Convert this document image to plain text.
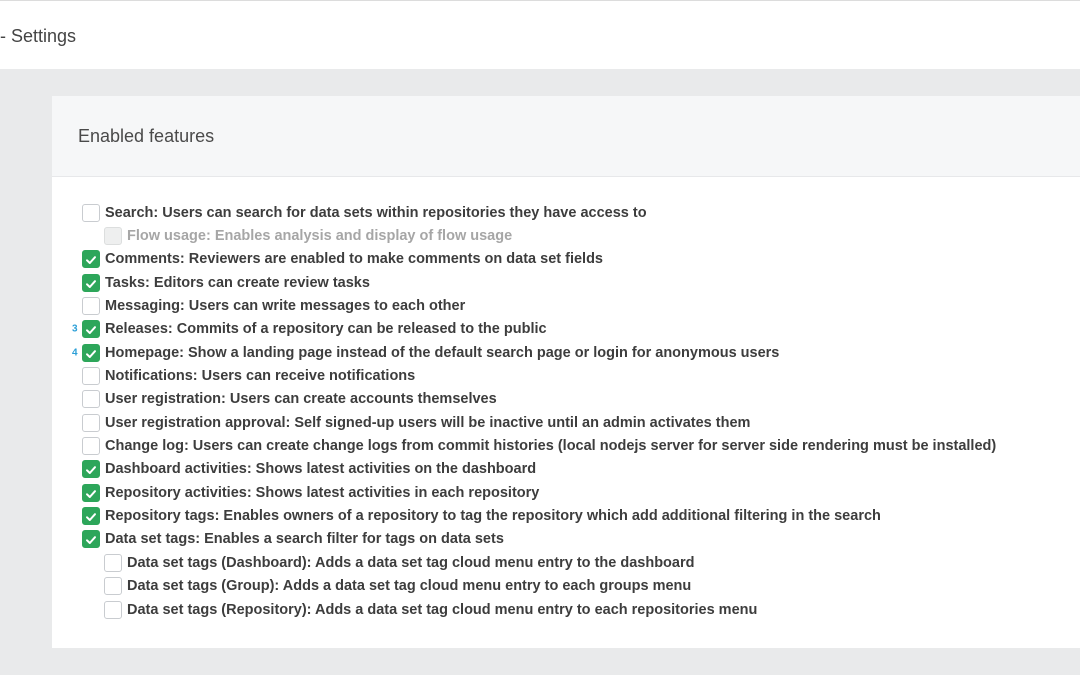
- Settings
Enabled features
Search: Users can search for data sets within repositories they have access to
Flow usage: Enables analysis and display of flow usage
Comments: Reviewers are enabled to make comments on data set fields
Tasks: Editors can create review tasks
Messaging: Users can write messages to each other
3 Releases: Commits of a repository can be released to the public
4 Homepage: Show a landing page instead of the default search page or login for anonymous users
Notifications: Users can receive notifications
User registration: Users can create accounts themselves
User registration approval: Self signed-up users will be inactive until an admin activates them
Change log: Users can create change logs from commit histories (local nodejs server for server side rendering must be installed)
Dashboard activities: Shows latest activities on the dashboard
Repository activities: Shows latest activities in each repository
Repository tags: Enables owners of a repository to tag the repository which add additional filtering in the search
Data set tags: Enables a search filter for tags on data sets
Data set tags (Dashboard): Adds a data set tag cloud menu entry to the dashboard
Data set tags (Group): Adds a data set tag cloud menu entry to each groups menu
Data set tags (Repository): Adds a data set tag cloud menu entry to each repositories menu
